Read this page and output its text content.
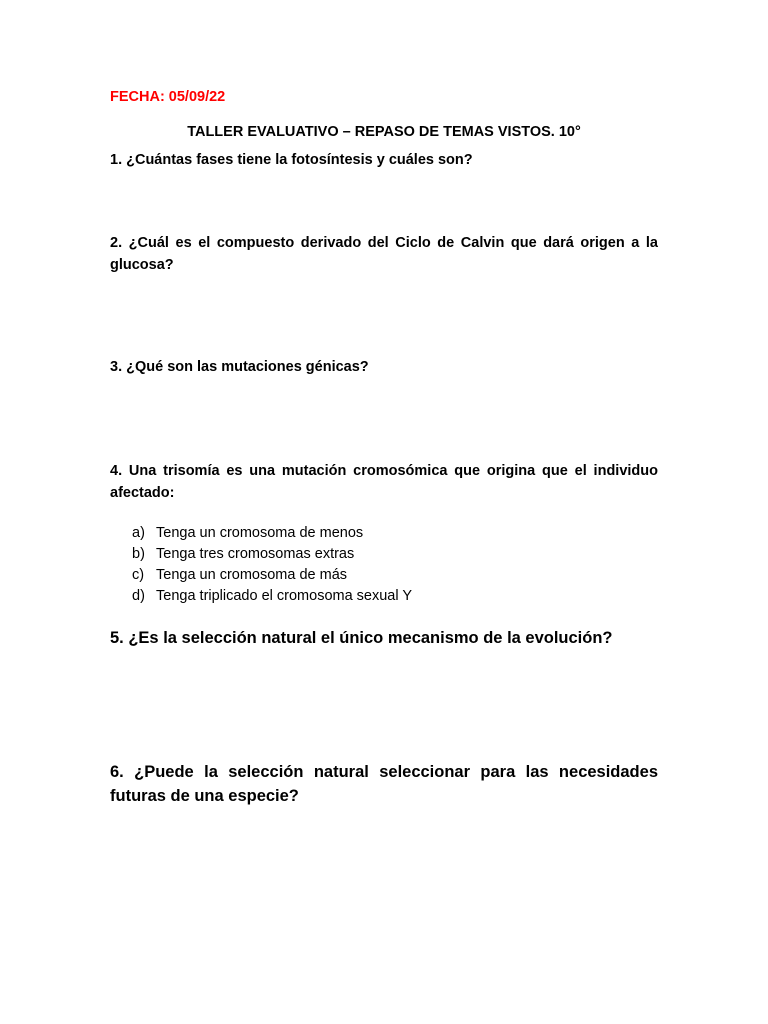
FECHA: 05/09/22

TALLER EVALUATIVO – REPASO DE TEMAS VISTOS. 10°

1. ¿Cuántas fases tiene la fotosíntesis y cuáles son?

2. ¿Cuál es el compuesto derivado del Ciclo de Calvin que dará origen a la glucosa?

3. ¿Qué son las mutaciones génicas?

4. Una trisomía es una mutación cromosómica que origina que el individuo afectado:

a) Tenga un cromosoma de menos
b) Tenga tres cromosomas extras
c) Tenga un cromosoma de más
d) Tenga triplicado el cromosoma sexual Y

5. ¿Es la selección natural el único mecanismo de la evolución?

6. ¿Puede la selección natural seleccionar para las necesidades futuras de una especie?
